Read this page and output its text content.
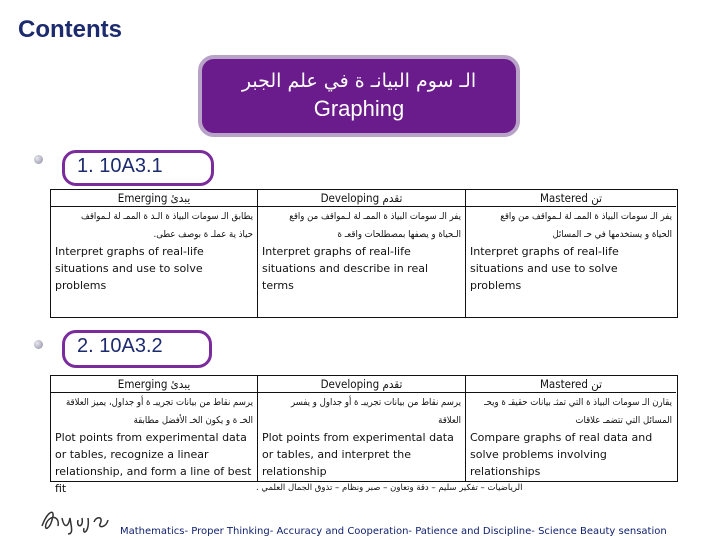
Contents
الـ سوم البيانـ ة في علم الجبر
Graphing
1. 10A3.1
Emerging يبدئ
يطابق الـ سومات البياذ ة الـد ة الممـ لة لـمواقف
حياذ ية عملـ ة بوصف عطى.
Interpret graphs of real-life situations and use to solve problems
Developing تقدم
يفر الـ سومات البياذ ة الممـ لة لـمواقف من واقع
الـحياة و يصفها بمصطلحات واقعـ ة
Interpret graphs of real-life situations and describe in real terms
Mastered تن
يفر الـ سومات البياذ ة الممـ لة لـمواقف من واقع
الحياة و يستخدمها في حـ المسائل
Interpret graphs of real-life situations and use to solve problems
2. 10A3.2
Emerging يبدئ
يرسم نقاط من بيانات تجريبـ ة أو جداول، يميز العلاقة
الخـ ة و يكون الخـ الأفضل مطابقة
Plot points from experimental data or tables, recognize a linear relationship, and form a line of best fit
Developing تقدم
يرسم نقاط من بيانات تجريبـ ة أو جداول و يفسر
العلاقة
Plot points from experimental data or tables, and interpret the relationship
Mastered تن
يقارن الـ سومات البياذ ة التي تمثـ بيانات حقيقـ ة ويحـ
المسائل التي تتضمـ علاقات
Compare graphs of real data and solve problems involving relationships
الرياضيات – تفكير سليم – دقة وتعاون – صبر ونظام – تذوق الجمال العلمي .
Mathematics- Proper Thinking- Accuracy and Cooperation- Patience and Discipline- Science Beauty sensation
